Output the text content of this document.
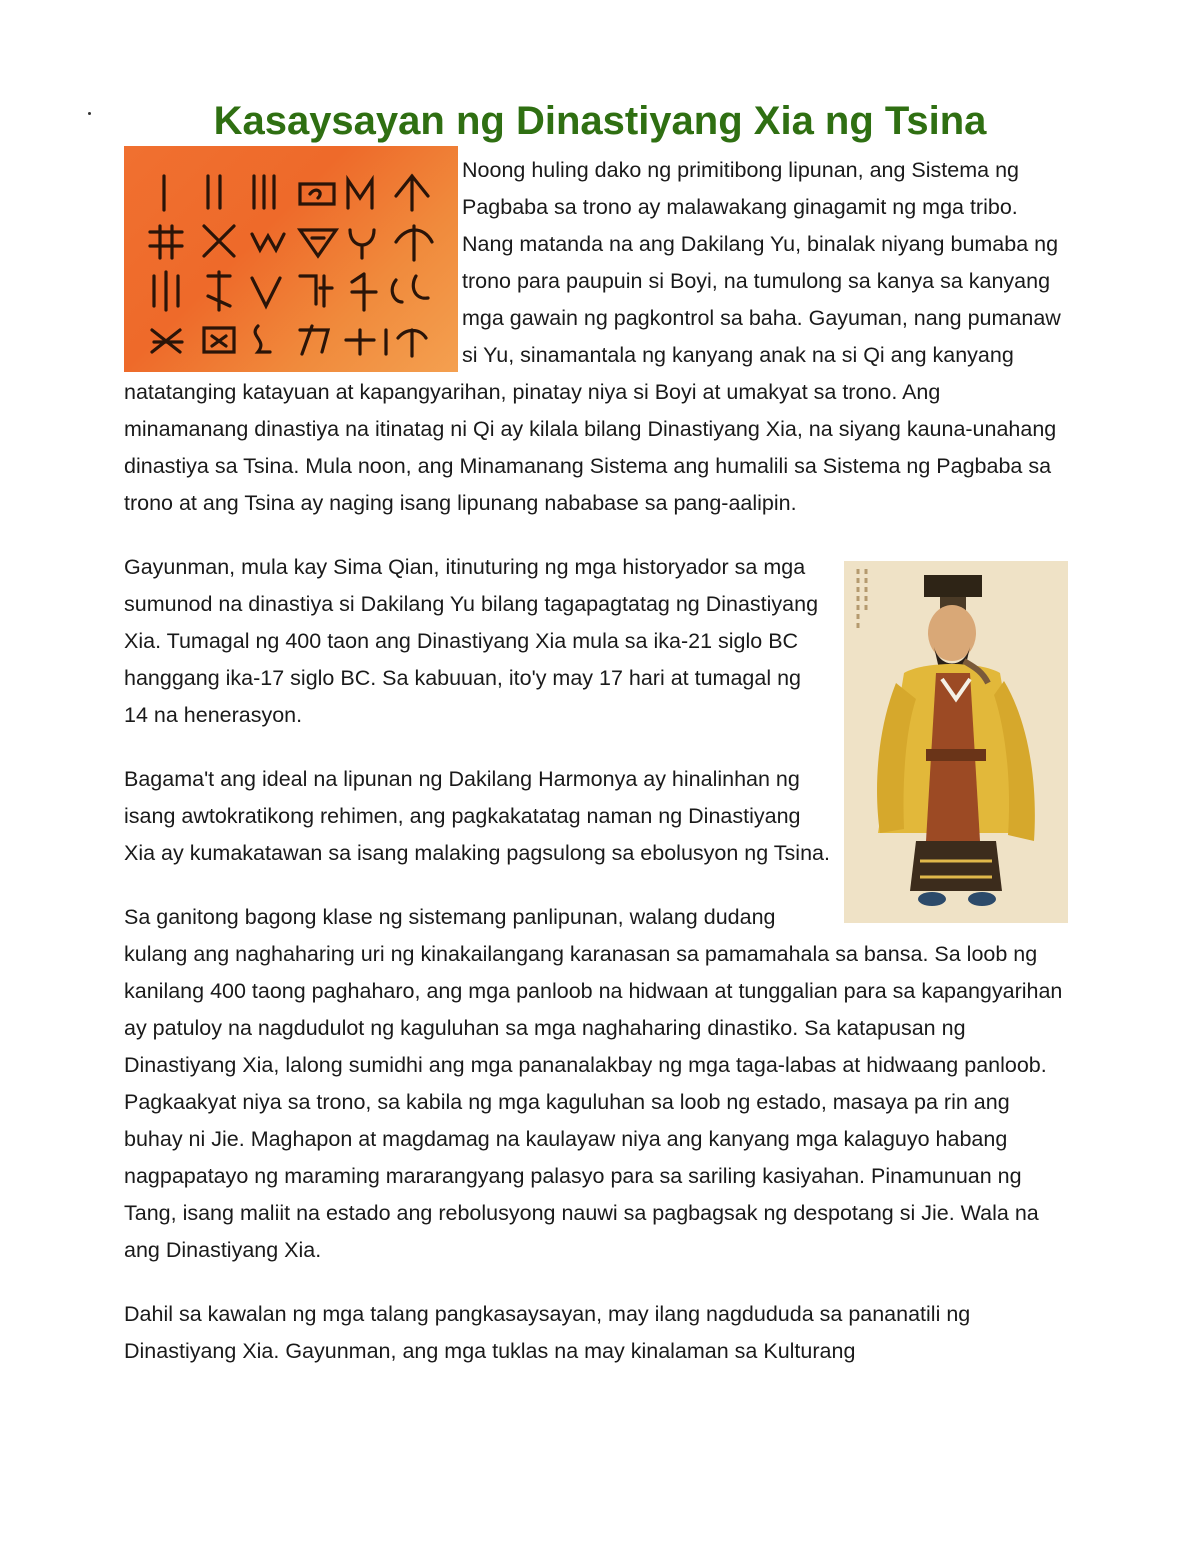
Kasaysayan ng Dinastiyang Xia ng Tsina

Noong huling dako ng primitibong lipunan, ang Sistema ng Pagbaba sa trono ay malawakang ginagamit ng mga tribo. Nang matanda na ang Dakilang Yu, binalak niyang bumaba ng trono para paupuin si Boyi, na tumulong sa kanya sa kanyang mga gawain ng pagkontrol sa baha. Gayuman, nang pumanaw si Yu, sinamantala ng kanyang anak na si Qi ang kanyang natatanging katayuan at kapangyarihan, pinatay niya si Boyi at umakyat sa trono. Ang minamanang dinastiya na itinatag ni Qi ay kilala bilang Dinastiyang Xia, na siyang kauna-unahang dinastiya sa Tsina. Mula noon, ang Minamanang Sistema ang humalili sa Sistema ng Pagbaba sa trono at ang Tsina ay naging isang lipunang nababase sa pang-aalipin.

Gayunman, mula kay Sima Qian, itinuturing ng mga historyador sa mga sumunod na dinastiya si Dakilang Yu bilang tagapagtatag ng Dinastiyang Xia. Tumagal ng 400 taon ang Dinastiyang Xia mula sa ika-21 siglo BC hanggang ika-17 siglo BC. Sa kabuuan, ito'y may 17 hari at tumagal ng 14 na henerasyon.

Bagama't ang ideal na lipunan ng Dakilang Harmonya ay hinalinhan ng isang awtokratikong rehimen, ang pagkakatatag naman ng Dinastiyang Xia ay kumakatawan sa isang malaking pagsulong sa ebolusyon ng Tsina.

Sa ganitong bagong klase ng sistemang panlipunan, walang dudang kulang ang naghaharing uri ng kinakailangang karanasan sa pamamahala sa bansa. Sa loob ng kanilang 400 taong paghaharo, ang mga panloob na hidwaan at tunggalian para sa kapangyarihan ay patuloy na nagdudulot ng kaguluhan sa mga naghaharing dinastiko. Sa katapusan ng Dinastiyang Xia, lalong sumidhi ang mga pananalakbay ng mga taga-labas at hidwaang panloob. Pagkaakyat niya sa trono, sa kabila ng mga kaguluhan sa loob ng estado, masaya pa rin ang buhay ni Jie. Maghapon at magdamag na kaulayaw niya ang kanyang mga kalaguyo habang nagpapatayo ng maraming mararangyang palasyo para sa sariling kasiyahan. Pinamunuan ng Tang, isang maliit na estado ang rebolusyong nauwi sa pagbagsak ng despotang si Jie. Wala na ang Dinastiyang Xia.

Dahil sa kawalan ng mga talang pangkasaysayan, may ilang nagdududa sa pananatili ng Dinastiyang Xia. Gayunman, ang mga tuklas na may kinalaman sa Kulturang
